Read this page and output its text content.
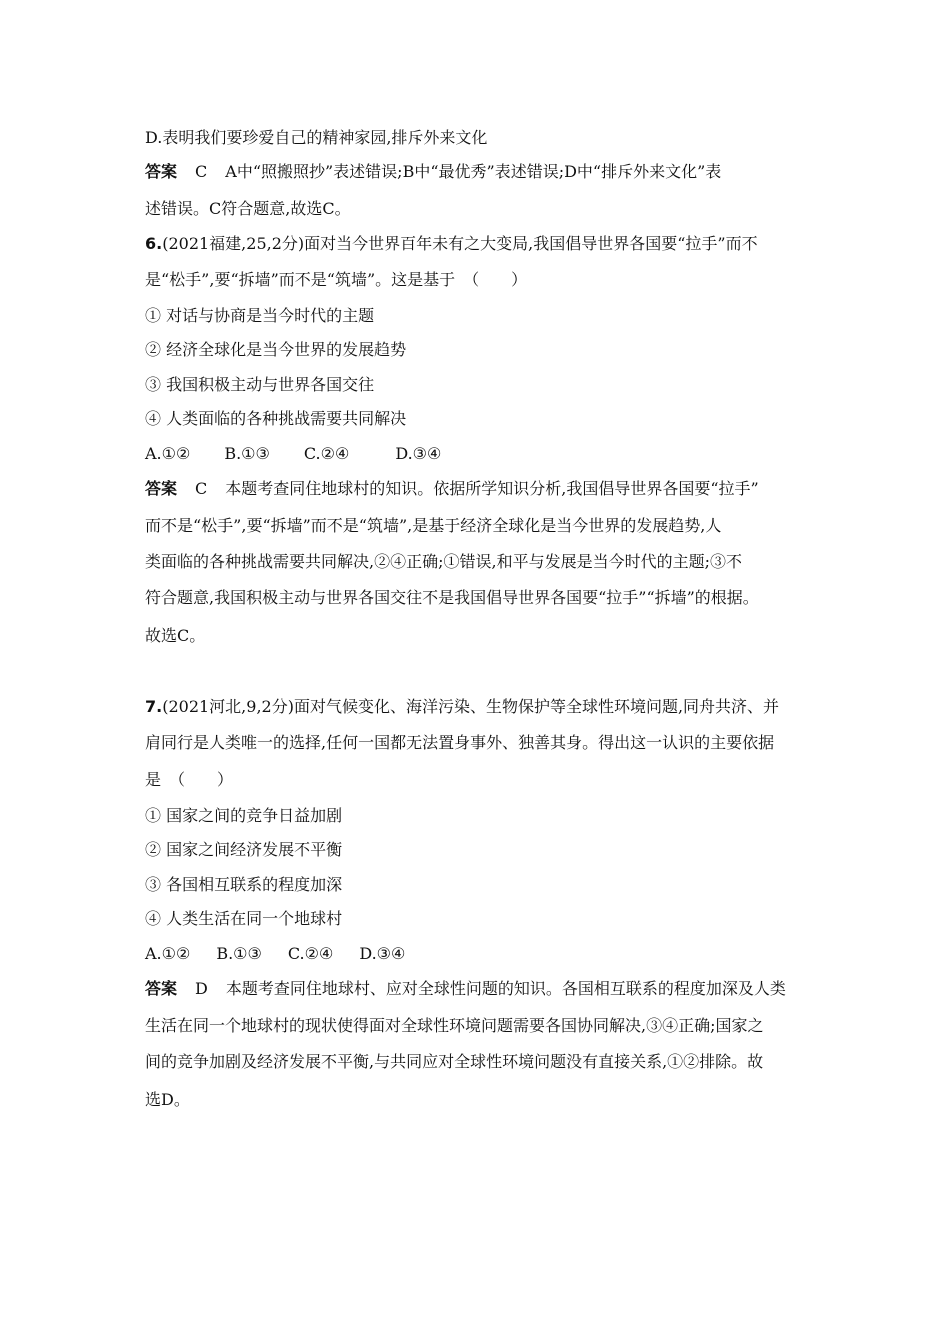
D.表明我们要珍爱自己的精神家园,排斥外来文化
答案 C A中“照搬照抄”表述错误;B中“最优秀”表述错误;D中“排斥外来文化”表
述错误。C符合题意,故选C。
6.(2021福建,25,2分)面对当今世界百年未有之大变局,我国倡导世界各国要“拉手”而不
是“松手”,要“拆墙”而不是“筑墙”。这是基于　（　　）
① 对话与协商是当今时代的主题
② 经济全球化是当今世界的发展趋势
③ 我国积极主动与世界各国交往
④ 人类面临的各种挑战需要共同解决
A.①② B.①③ C.②④	D.③④
答案 C 本题考查同住地球村的知识。依据所学知识分析,我国倡导世界各国要“拉手”
而不是“松手”,要“拆墙”而不是“筑墙”,是基于经济全球化是当今世界的发展趋势,人
类面临的各种挑战需要共同解决,②④正确;①错误,和平与发展是当今时代的主题;③不
符合题意,我国积极主动与世界各国交往不是我国倡导世界各国要“拉手”“拆墙”的根据。
故选C。
7.(2021河北,9,2分)面对气候变化、海洋污染、生物保护等全球性环境问题,同舟共济、并
肩同行是人类唯一的选择,任何一国都无法置身事外、独善其身。得出这一认识的主要依据
是　（　　）
① 国家之间的竞争日益加剧
② 国家之间经济发展不平衡
③ 各国相互联系的程度加深
④ 人类生活在同一个地球村
A.①② B.①③ C.②④ D.③④
答案 D 本题考查同住地球村、应对全球性问题的知识。各国相互联系的程度加深及人类
生活在同一个地球村的现状使得面对全球性环境问题需要各国协同解决,③④正确;国家之
间的竞争加剧及经济发展不平衡,与共同应对全球性环境问题没有直接关系,①②排除。故
选D。
